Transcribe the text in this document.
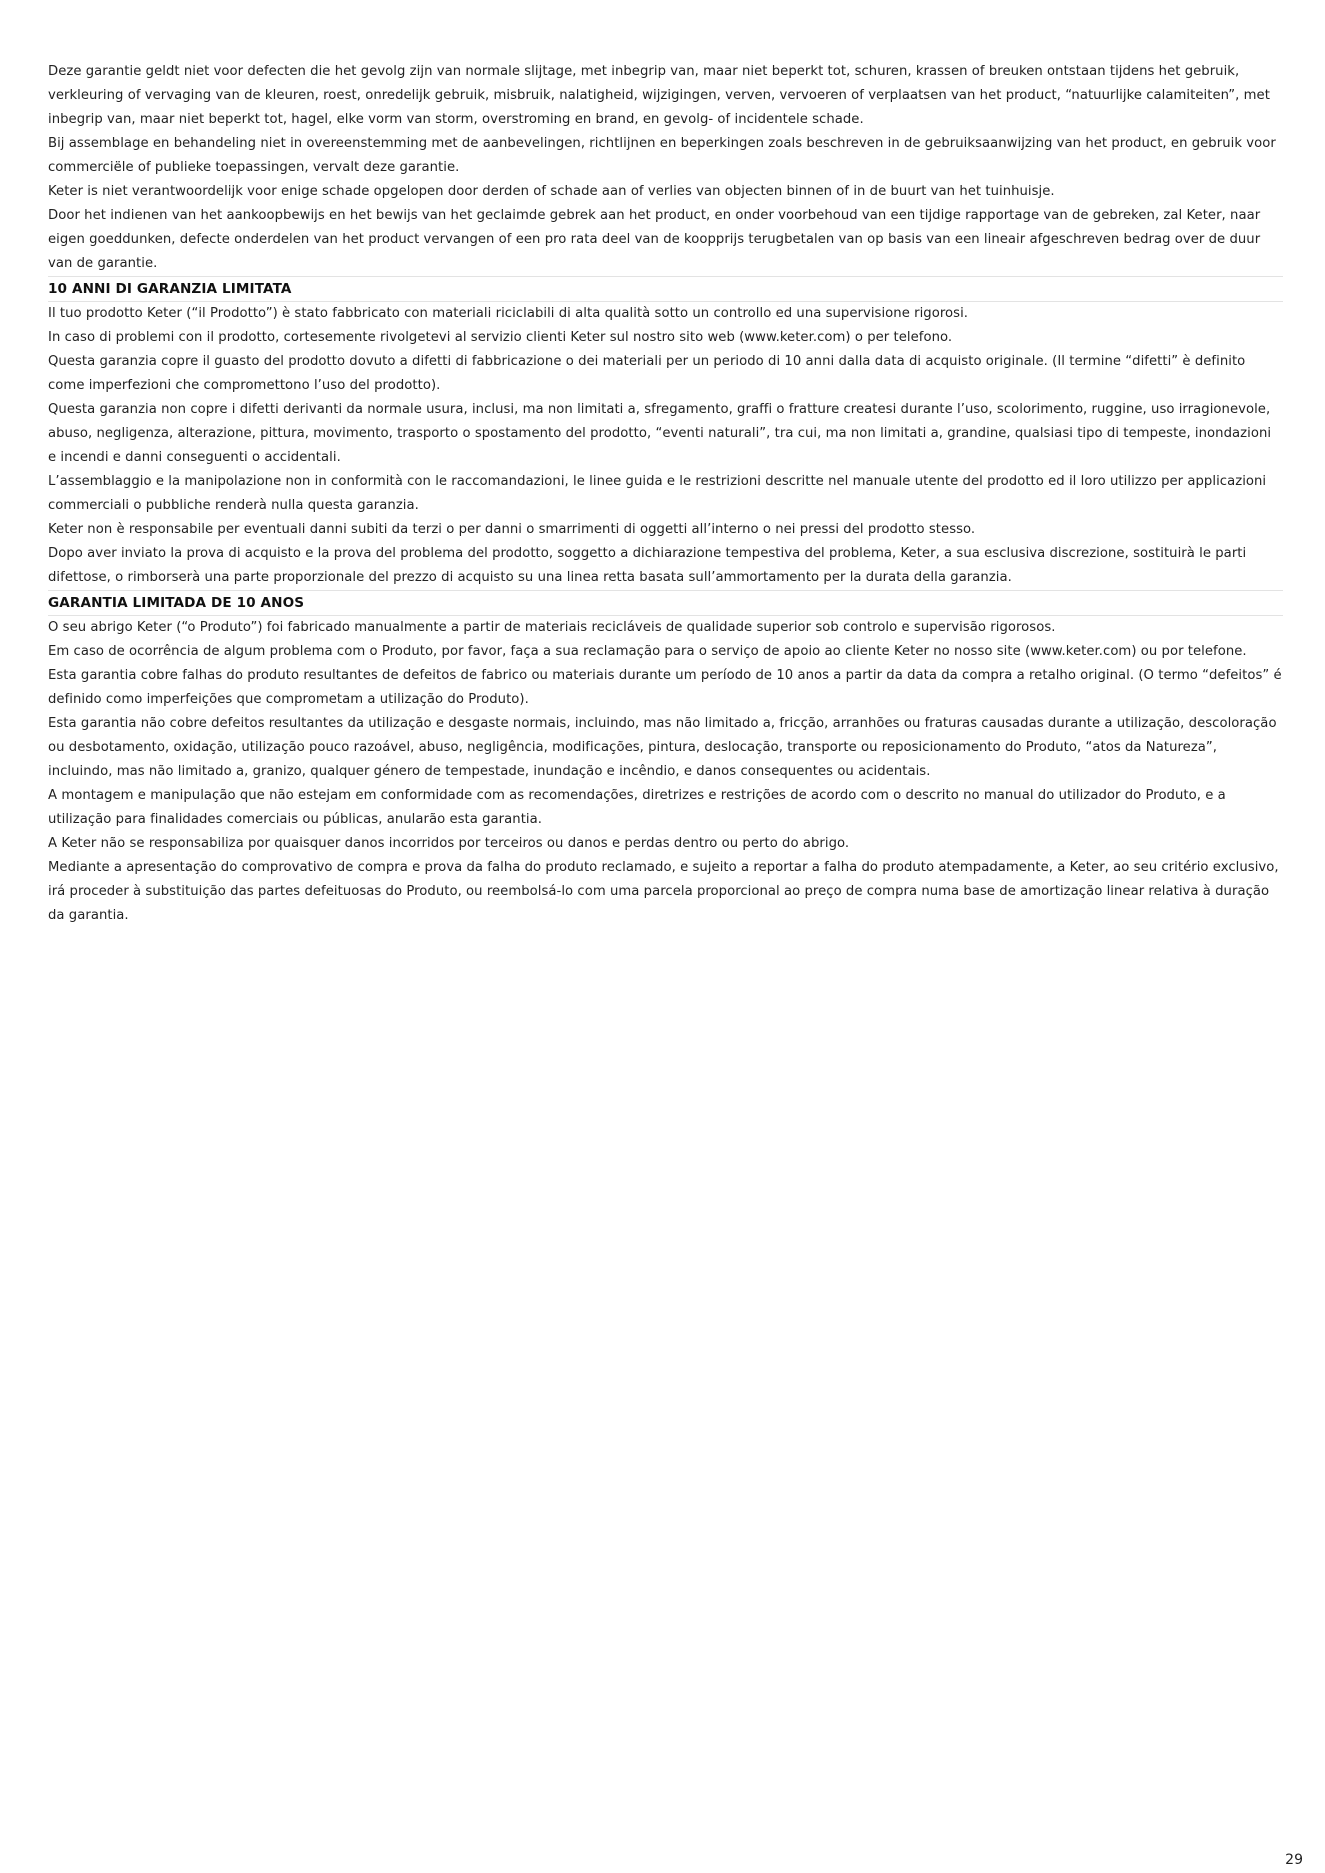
Deze garantie geldt niet voor defecten die het gevolg zijn van normale slijtage, met inbegrip van, maar niet beperkt tot, schuren, krassen of breuken ontstaan tijdens het gebruik, verkleuring of vervaging van de kleuren, roest, onredelijk gebruik, misbruik, nalatigheid, wijzigingen, verven, vervoeren of verplaatsen van het product, “natuurlijke calamiteiten”, met inbegrip van, maar niet beperkt tot, hagel, elke vorm van storm, overstroming en brand, en gevolg- of incidentele schade.

Bij assemblage en behandeling niet in overeenstemming met de aanbevelingen, richtlijnen en beperkingen zoals beschreven in de gebruiksaanwijzing van het product, en gebruik voor commerciële of publieke toepassingen, vervalt deze garantie.

Keter is niet verantwoordelijk voor enige schade opgelopen door derden of schade aan of verlies van objecten binnen of in de buurt van het tuinhuisje.

Door het indienen van het aankoopbewijs en het bewijs van het geclaimde gebrek aan het product, en onder voorbehoud van een tijdige rapportage van de gebreken, zal Keter, naar eigen goeddunken, defecte onderdelen van het product vervangen of een pro rata deel van de koopprijs terugbetalen van op basis van een lineair afgeschreven bedrag over de duur van de garantie.

10 ANNI DI GARANZIA LIMITATA

Il tuo prodotto Keter (“il Prodotto”) è stato fabbricato con materiali riciclabili di alta qualità sotto un controllo ed una supervisione rigorosi.

In caso di problemi con il prodotto, cortesemente rivolgetevi al servizio clienti Keter sul nostro sito web (www.keter.com) o per telefono.

Questa garanzia copre il guasto del prodotto dovuto a difetti di fabbricazione o dei materiali per un periodo di 10 anni dalla data di acquisto originale. (Il termine “difetti” è definito come imperfezioni che compromettono l’uso del prodotto).

Questa garanzia non copre i difetti derivanti da normale usura, inclusi, ma non limitati a, sfregamento, graffi o fratture createsi durante l’uso, scolorimento, ruggine, uso irragionevole, abuso, negligenza, alterazione, pittura, movimento, trasporto o spostamento del prodotto, “eventi naturali”, tra cui, ma non limitati a, grandine, qualsiasi tipo di tempeste, inondazioni e incendi e danni conseguenti o accidentali.

L’assemblaggio e la manipolazione non in conformità con le raccomandazioni, le linee guida e le restrizioni descritte nel manuale utente del prodotto ed il loro utilizzo per applicazioni commerciali o pubbliche renderà nulla questa garanzia.

Keter non è responsabile per eventuali danni subiti da terzi o per danni o smarrimenti di oggetti all’interno o nei pressi del prodotto stesso.

Dopo aver inviato la prova di acquisto e la prova del problema del prodotto, soggetto a dichiarazione tempestiva del problema, Keter, a sua esclusiva discrezione, sostituirà le parti difettose, o rimborserà una parte proporzionale del prezzo di acquisto su una linea retta basata sull’ammortamento per la durata della garanzia.

GARANTIA LIMITADA DE 10 ANOS

O seu abrigo Keter (“o Produto”) foi fabricado manualmente a partir de materiais recicláveis de qualidade superior sob controlo e supervisão rigorosos.

Em caso de ocorrência de algum problema com o Produto, por favor, faça a sua reclamação para o serviço de apoio ao cliente Keter no nosso site (www.keter.com) ou por telefone.

Esta garantia cobre falhas do produto resultantes de defeitos de fabrico ou materiais durante um período de 10 anos a partir da data da compra a retalho original. (O termo “defeitos” é definido como imperfeições que comprometam a utilização do Produto).

Esta garantia não cobre defeitos resultantes da utilização e desgaste normais, incluindo, mas não limitado a, fricção, arranhões ou fraturas causadas durante a utilização, descoloração ou desbotamento, oxidação, utilização pouco razoável, abuso, negligência, modificações, pintura, deslocação, transporte ou reposicionamento do Produto, “atos da Natureza”, incluindo, mas não limitado a, granizo, qualquer género de tempestade, inundação e incêndio, e danos consequentes ou acidentais.

A montagem e manipulação que não estejam em conformidade com as recomendações, diretrizes e restrições de acordo com o descrito no manual do utilizador do Produto, e a utilização para finalidades comerciais ou públicas, anularão esta garantia.

A Keter não se responsabiliza por quaisquer danos incorridos por terceiros ou danos e perdas dentro ou perto do abrigo.

Mediante a apresentação do comprovativo de compra e prova da falha do produto reclamado, e sujeito a reportar a falha do produto atempadamente, a Keter, ao seu critério exclusivo, irá proceder à substituição das partes defeituosas do Produto, ou reembolsá-lo com uma parcela proporcional ao preço de compra numa base de amortização linear relativa à duração da garantia.

29
